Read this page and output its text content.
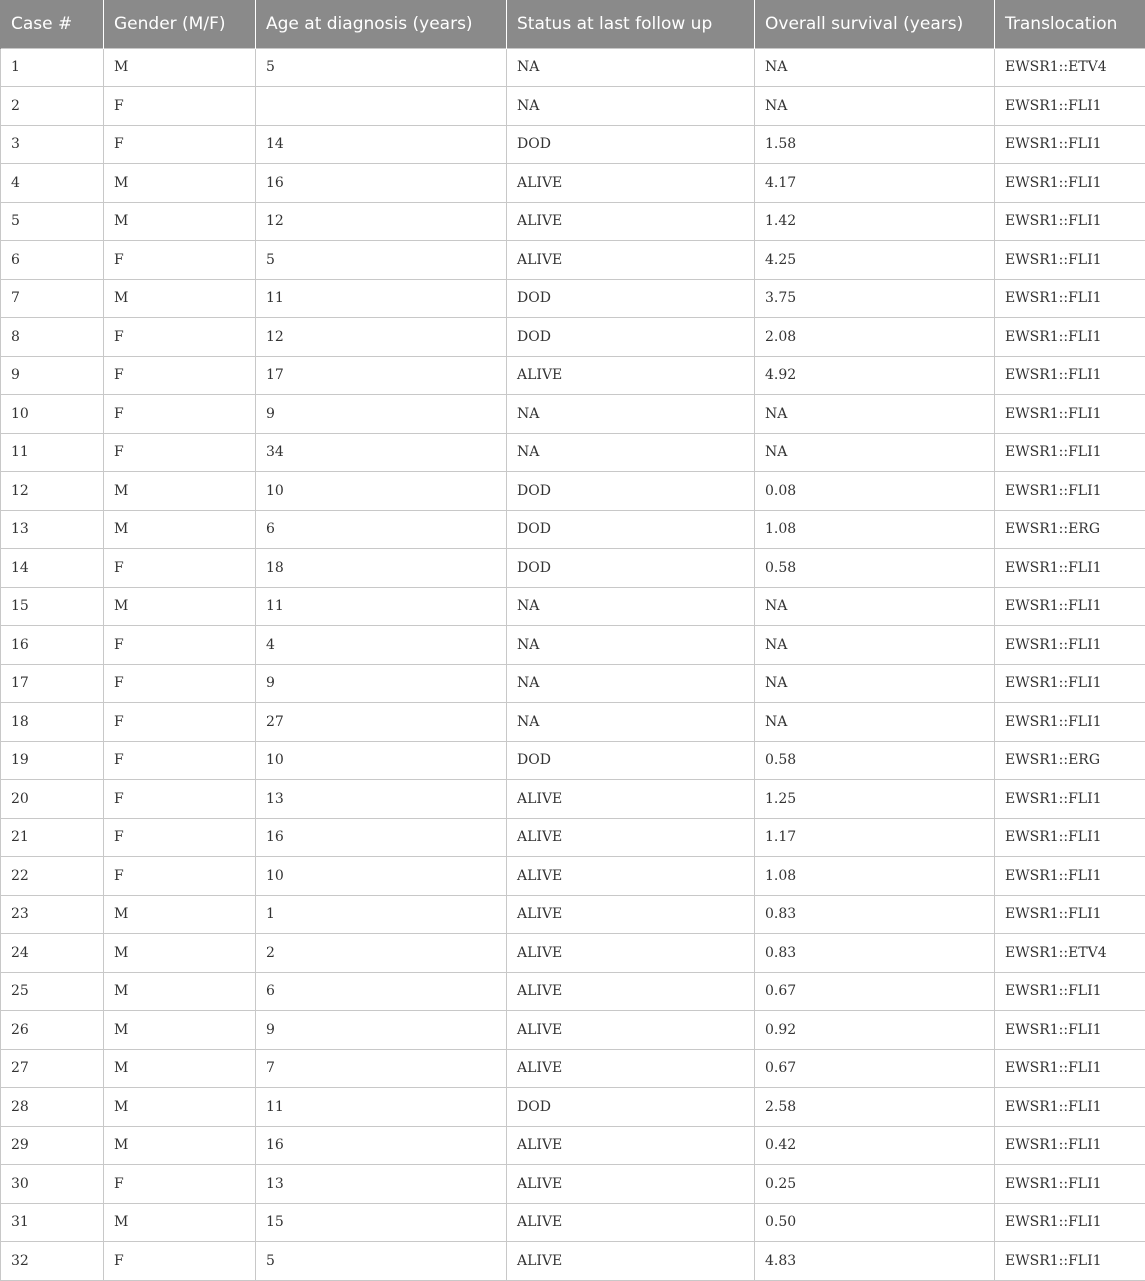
Case #	Gender (M/F)	Age at diagnosis (years)	Status at last follow up	Overall survival (years)	Translocation
1	M	5	NA	NA	EWSR1::ETV4
2	F		NA	NA	EWSR1::FLI1
3	F	14	DOD	1.58	EWSR1::FLI1
4	M	16	ALIVE	4.17	EWSR1::FLI1
5	M	12	ALIVE	1.42	EWSR1::FLI1
6	F	5	ALIVE	4.25	EWSR1::FLI1
7	M	11	DOD	3.75	EWSR1::FLI1
8	F	12	DOD	2.08	EWSR1::FLI1
9	F	17	ALIVE	4.92	EWSR1::FLI1
10	F	9	NA	NA	EWSR1::FLI1
11	F	34	NA	NA	EWSR1::FLI1
12	M	10	DOD	0.08	EWSR1::FLI1
13	M	6	DOD	1.08	EWSR1::ERG
14	F	18	DOD	0.58	EWSR1::FLI1
15	M	11	NA	NA	EWSR1::FLI1
16	F	4	NA	NA	EWSR1::FLI1
17	F	9	NA	NA	EWSR1::FLI1
18	F	27	NA	NA	EWSR1::FLI1
19	F	10	DOD	0.58	EWSR1::ERG
20	F	13	ALIVE	1.25	EWSR1::FLI1
21	F	16	ALIVE	1.17	EWSR1::FLI1
22	F	10	ALIVE	1.08	EWSR1::FLI1
23	M	1	ALIVE	0.83	EWSR1::FLI1
24	M	2	ALIVE	0.83	EWSR1::ETV4
25	M	6	ALIVE	0.67	EWSR1::FLI1
26	M	9	ALIVE	0.92	EWSR1::FLI1
27	M	7	ALIVE	0.67	EWSR1::FLI1
28	M	11	DOD	2.58	EWSR1::FLI1
29	M	16	ALIVE	0.42	EWSR1::FLI1
30	F	13	ALIVE	0.25	EWSR1::FLI1
31	M	15	ALIVE	0.50	EWSR1::FLI1
32	F	5	ALIVE	4.83	EWSR1::FLI1
